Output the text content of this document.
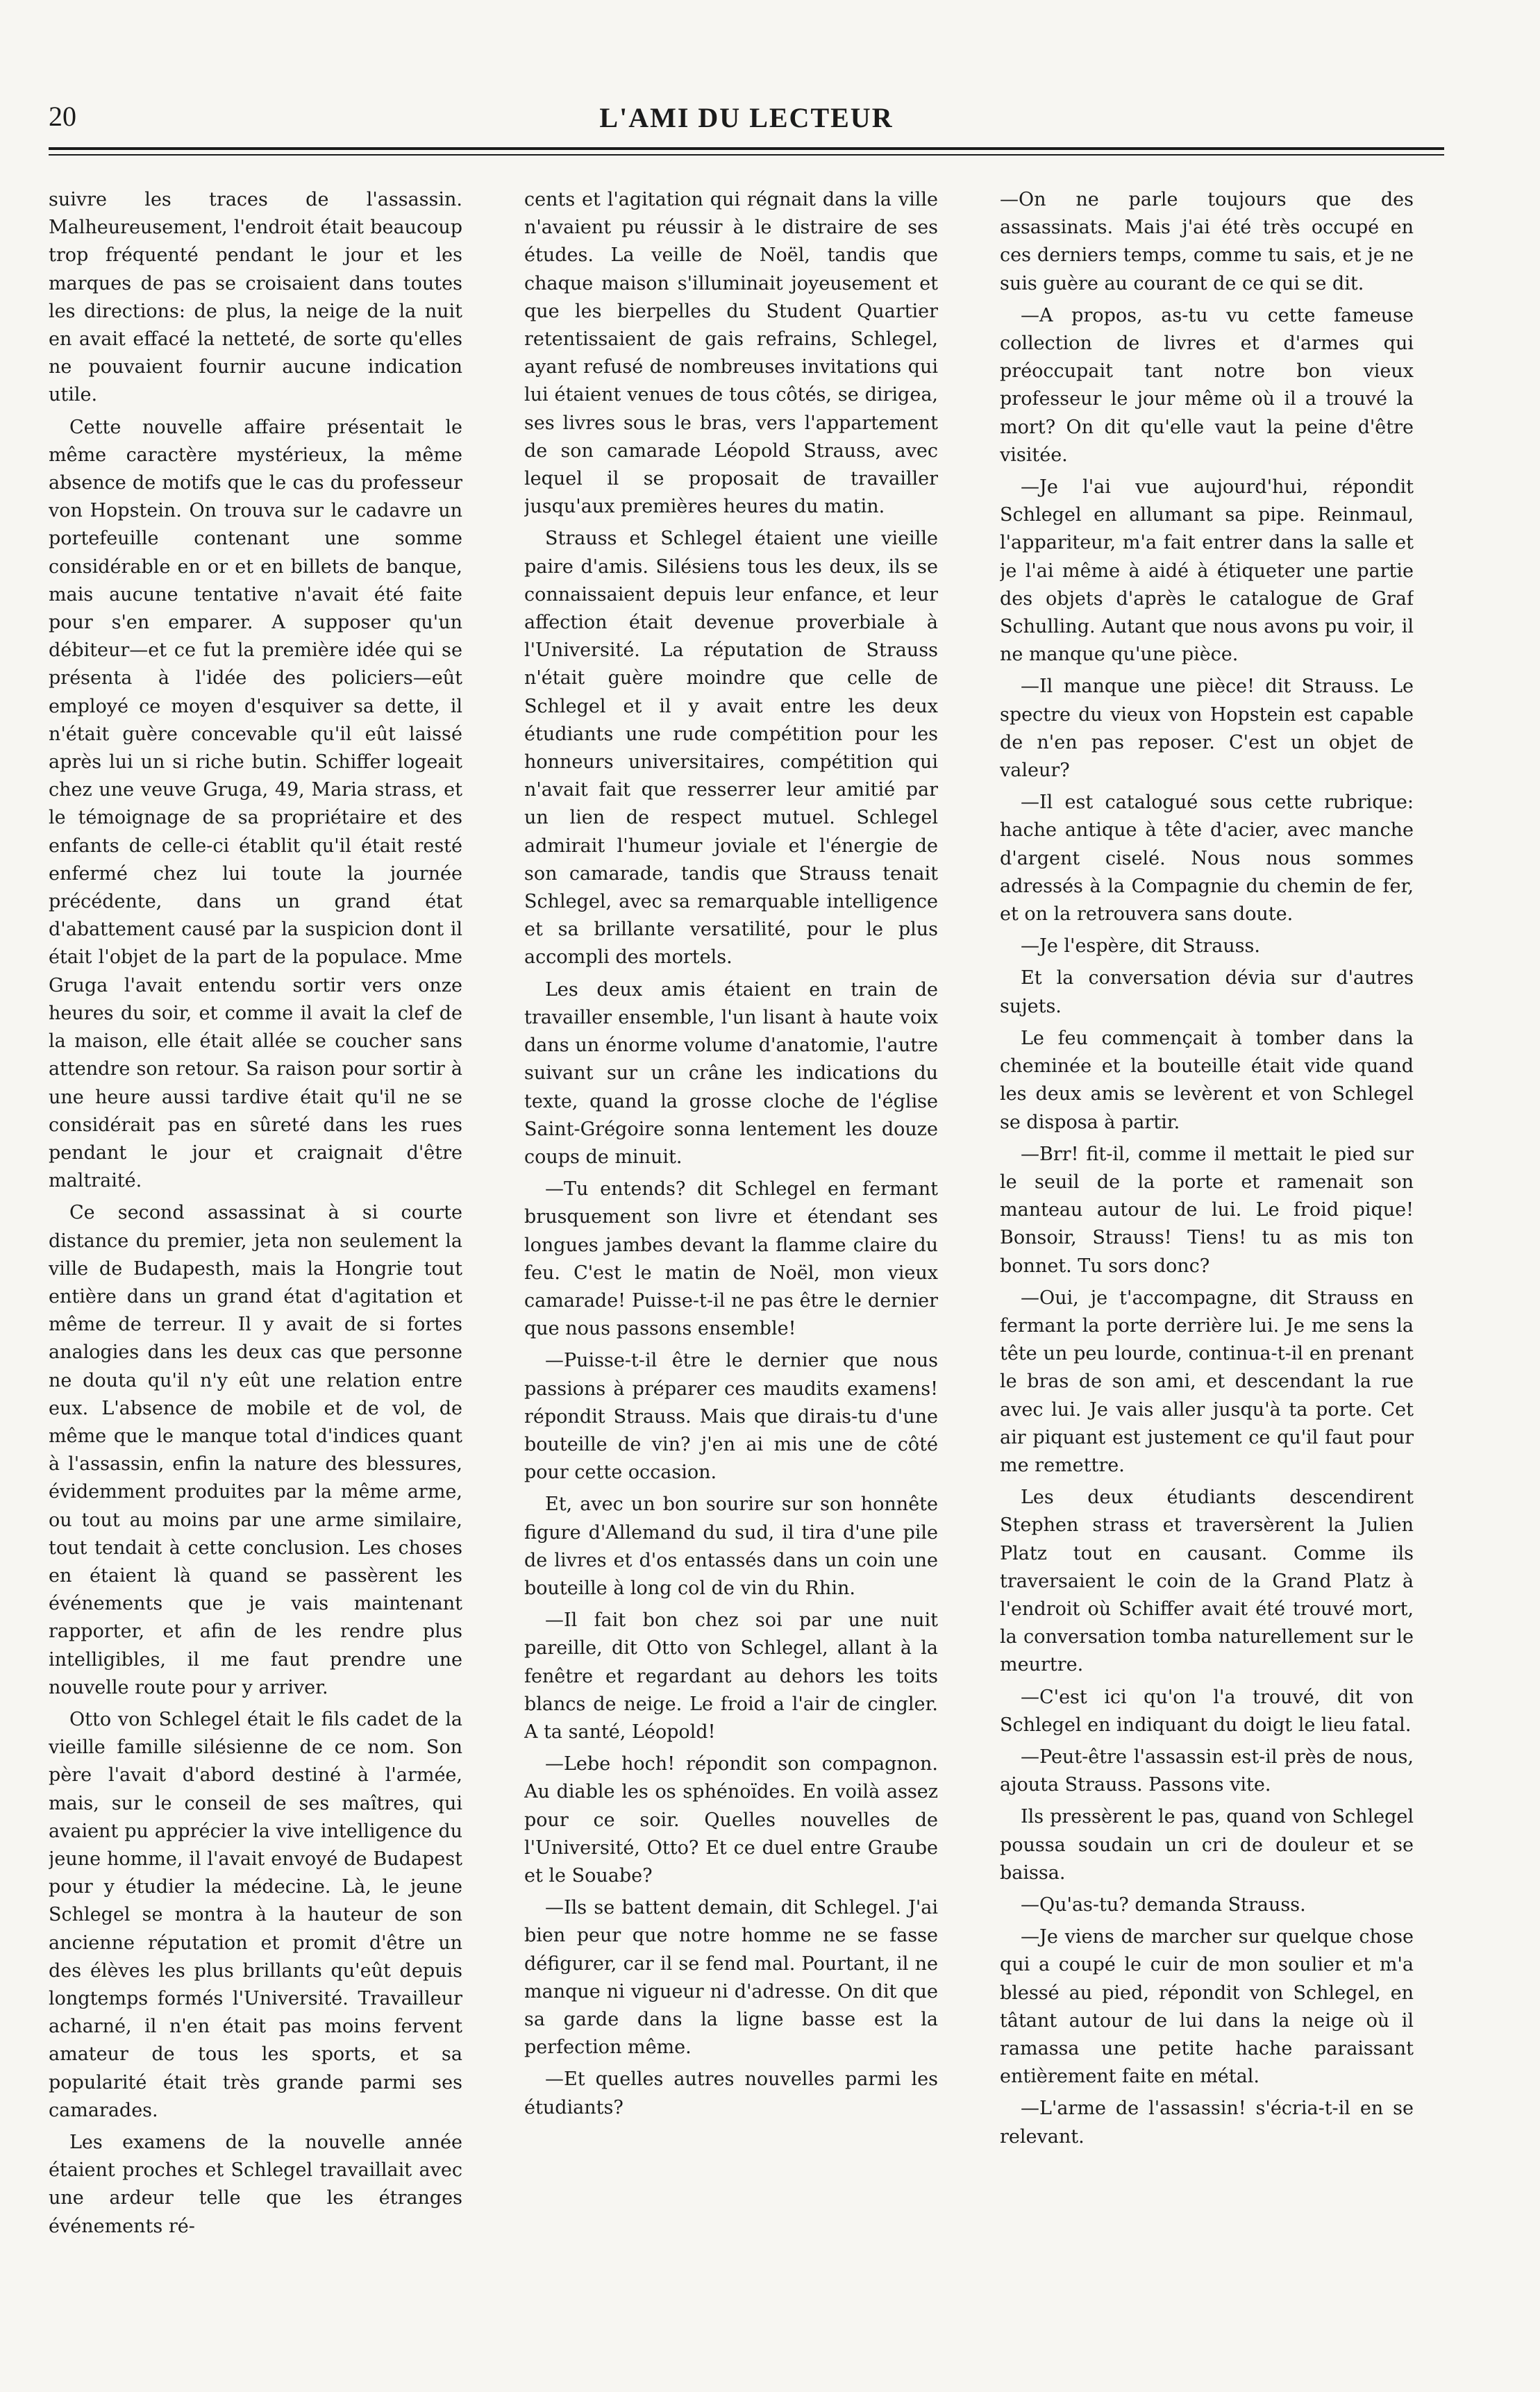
20	L'AMI DU LECTEUR

suivre les traces de l'assassin. Malheureusement, l'endroit était beaucoup trop fréquenté pendant le jour et les marques de pas se croisaient dans toutes les directions: de plus, la neige de la nuit en avait effacé la netteté, de sorte qu'elles ne pouvaient fournir aucune indication utile.

Cette nouvelle affaire présentait le même caractère mystérieux, la même absence de motifs que le cas du professeur von Hopstein. On trouva sur le cadavre un portefeuille contenant une somme considérable en or et en billets de banque, mais aucune tentative n'avait été faite pour s'en emparer. A supposer qu'un débiteur—et ce fut la première idée qui se présenta à l'idée des policiers—eût employé ce moyen d'esquiver sa dette, il n'était guère concevable qu'il eût laissé après lui un si riche butin. Schiffer logeait chez une veuve Gruga, 49, Maria strass, et le témoignage de sa propriétaire et des enfants de celle-ci établit qu'il était resté enfermé chez lui toute la journée précédente, dans un grand état d'abattement causé par la suspicion dont il était l'objet de la part de la populace. Mme Gruga l'avait entendu sortir vers onze heures du soir, et comme il avait la clef de la maison, elle était allée se coucher sans attendre son retour. Sa raison pour sortir à une heure aussi tardive était qu'il ne se considérait pas en sûreté dans les rues pendant le jour et craignait d'être maltraité.

Ce second assassinat à si courte distance du premier, jeta non seulement la ville de Budapesth, mais la Hongrie tout entière dans un grand état d'agitation et même de terreur. Il y avait de si fortes analogies dans les deux cas que personne ne douta qu'il n'y eût une relation entre eux. L'absence de mobile et de vol, de même que le manque total d'indices quant à l'assassin, enfin la nature des blessures, évidemment produites par la même arme, ou tout au moins par une arme similaire, tout tendait à cette conclusion. Les choses en étaient là quand se passèrent les événements que je vais maintenant rapporter, et afin de les rendre plus intelligibles, il me faut prendre une nouvelle route pour y arriver.

Otto von Schlegel était le fils cadet de la vieille famille silésienne de ce nom. Son père l'avait d'abord destiné à l'armée, mais, sur le conseil de ses maîtres, qui avaient pu apprécier la vive intelligence du jeune homme, il l'avait envoyé de Budapest pour y étudier la médecine. Là, le jeune Schlegel se montra à la hauteur de son ancienne réputation et promit d'être un des élèves les plus brillants qu'eût depuis longtemps formés l'Université. Travailleur acharné, il n'en était pas moins fervent amateur de tous les sports, et sa popularité était très grande parmi ses camarades.

Les examens de la nouvelle année étaient proches et Schlegel travaillait avec une ardeur telle que les étranges événements ré-

cents et l'agitation qui régnait dans la ville n'avaient pu réussir à le distraire de ses études. La veille de Noël, tandis que chaque maison s'illuminait joyeusement et que les bierpelles du Student Quartier retentissaient de gais refrains, Schlegel, ayant refusé de nombreuses invitations qui lui étaient venues de tous côtés, se dirigea, ses livres sous le bras, vers l'appartement de son camarade Léopold Strauss, avec lequel il se proposait de travailler jusqu'aux premières heures du matin.

Strauss et Schlegel étaient une vieille paire d'amis. Silésiens tous les deux, ils se connaissaient depuis leur enfance, et leur affection était devenue proverbiale à l'Université. La réputation de Strauss n'était guère moindre que celle de Schlegel et il y avait entre les deux étudiants une rude compétition pour les honneurs universitaires, compétition qui n'avait fait que resserrer leur amitié par un lien de respect mutuel. Schlegel admirait l'humeur joviale et l'énergie de son camarade, tandis que Strauss tenait Schlegel, avec sa remarquable intelligence et sa brillante versatilité, pour le plus accompli des mortels.

Les deux amis étaient en train de travailler ensemble, l'un lisant à haute voix dans un énorme volume d'anatomie, l'autre suivant sur un crâne les indications du texte, quand la grosse cloche de l'église Saint-Grégoire sonna lentement les douze coups de minuit.

—Tu entends? dit Schlegel en fermant brusquement son livre et étendant ses longues jambes devant la flamme claire du feu. C'est le matin de Noël, mon vieux camarade! Puisse-t-il ne pas être le dernier que nous passons ensemble!

—Puisse-t-il être le dernier que nous passions à préparer ces maudits examens! répondit Strauss. Mais que dirais-tu d'une bouteille de vin? j'en ai mis une de côté pour cette occasion.

Et, avec un bon sourire sur son honnête figure d'Allemand du sud, il tira d'une pile de livres et d'os entassés dans un coin une bouteille à long col de vin du Rhin.

—Il fait bon chez soi par une nuit pareille, dit Otto von Schlegel, allant à la fenêtre et regardant au dehors les toits blancs de neige. Le froid a l'air de cingler. A ta santé, Léopold!

—Lebe hoch! répondit son compagnon. Au diable les os sphénoïdes. En voilà assez pour ce soir. Quelles nouvelles de l'Université, Otto? Et ce duel entre Graube et le Souabe?

—Ils se battent demain, dit Schlegel. J'ai bien peur que notre homme ne se fasse défigurer, car il se fend mal. Pourtant, il ne manque ni vigueur ni d'adresse. On dit que sa garde dans la ligne basse est la perfection même.

—Et quelles autres nouvelles parmi les étudiants?

—On ne parle toujours que des assassinats. Mais j'ai été très occupé en ces derniers temps, comme tu sais, et je ne suis guère au courant de ce qui se dit.

—A propos, as-tu vu cette fameuse collection de livres et d'armes qui préoccupait tant notre bon vieux professeur le jour même où il a trouvé la mort? On dit qu'elle vaut la peine d'être visitée.

—Je l'ai vue aujourd'hui, répondit Schlegel en allumant sa pipe. Reinmaul, l'appariteur, m'a fait entrer dans la salle et je l'ai même à aidé à étiqueter une partie des objets d'après le catalogue de Graf Schulling. Autant que nous avons pu voir, il ne manque qu'une pièce.

—Il manque une pièce! dit Strauss. Le spectre du vieux von Hopstein est capable de n'en pas reposer. C'est un objet de valeur?

—Il est catalogué sous cette rubrique: hache antique à tête d'acier, avec manche d'argent ciselé. Nous nous sommes adressés à la Compagnie du chemin de fer, et on la retrouvera sans doute.

—Je l'espère, dit Strauss.

Et la conversation dévia sur d'autres sujets.

Le feu commençait à tomber dans la cheminée et la bouteille était vide quand les deux amis se levèrent et von Schlegel se disposa à partir.

—Brr! fit-il, comme il mettait le pied sur le seuil de la porte et ramenait son manteau autour de lui. Le froid pique! Bonsoir, Strauss! Tiens! tu as mis ton bonnet. Tu sors donc?

—Oui, je t'accompagne, dit Strauss en fermant la porte derrière lui. Je me sens la tête un peu lourde, continua-t-il en prenant le bras de son ami, et descendant la rue avec lui. Je vais aller jusqu'à ta porte. Cet air piquant est justement ce qu'il faut pour me remettre.

Les deux étudiants descendirent Stephen strass et traversèrent la Julien Platz tout en causant. Comme ils traversaient le coin de la Grand Platz à l'endroit où Schiffer avait été trouvé mort, la conversation tomba naturellement sur le meurtre.

—C'est ici qu'on l'a trouvé, dit von Schlegel en indiquant du doigt le lieu fatal.

—Peut-être l'assassin est-il près de nous, ajouta Strauss. Passons vite.

Ils pressèrent le pas, quand von Schlegel poussa soudain un cri de douleur et se baissa.

—Qu'as-tu? demanda Strauss.

—Je viens de marcher sur quelque chose qui a coupé le cuir de mon soulier et m'a blessé au pied, répondit von Schlegel, en tâtant autour de lui dans la neige où il ramassa une petite hache paraissant entièrement faite en métal.

—L'arme de l'assassin! s'écria-t-il en se relevant.
